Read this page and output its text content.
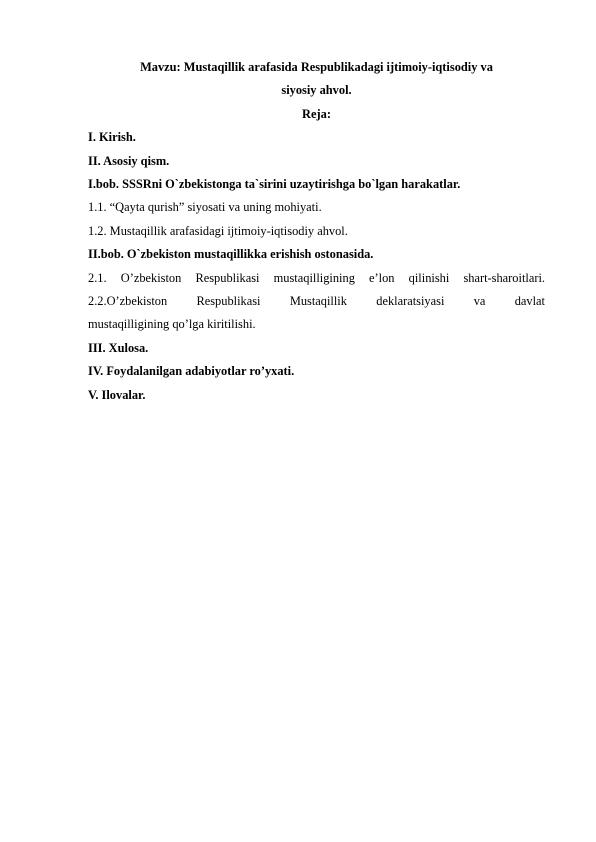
Mavzu: Mustaqillik arafasida Respublikadagi ijtimoiy-iqtisodiy va
siyosiy ahvol.
Reja:
I. Kirish.
II. Asosiy qism.
I.bob. SSSRni O`zbekistonga ta`sirini uzaytirishga bo`lgan harakatlar.
1.1. “Qayta qurish” siyosati va uning mohiyati.
1.2. Mustaqillik arafasidagi ijtimoiy-iqtisodiy ahvol.
II.bob. O`zbekiston mustaqillikka erishish ostonasida.
2.1. O’zbekiston Respublikasi mustaqilligining e’lon qilinishi shart-sharoitlari.
2.2.O’zbekiston Respublikasi Mustaqillik deklaratsiyasi va davlat
mustaqilligining qo’lga kiritilishi.
III. Xulosa.
IV. Foydalanilgan adabiyotlar ro’yxati.
V. Ilovalar.
